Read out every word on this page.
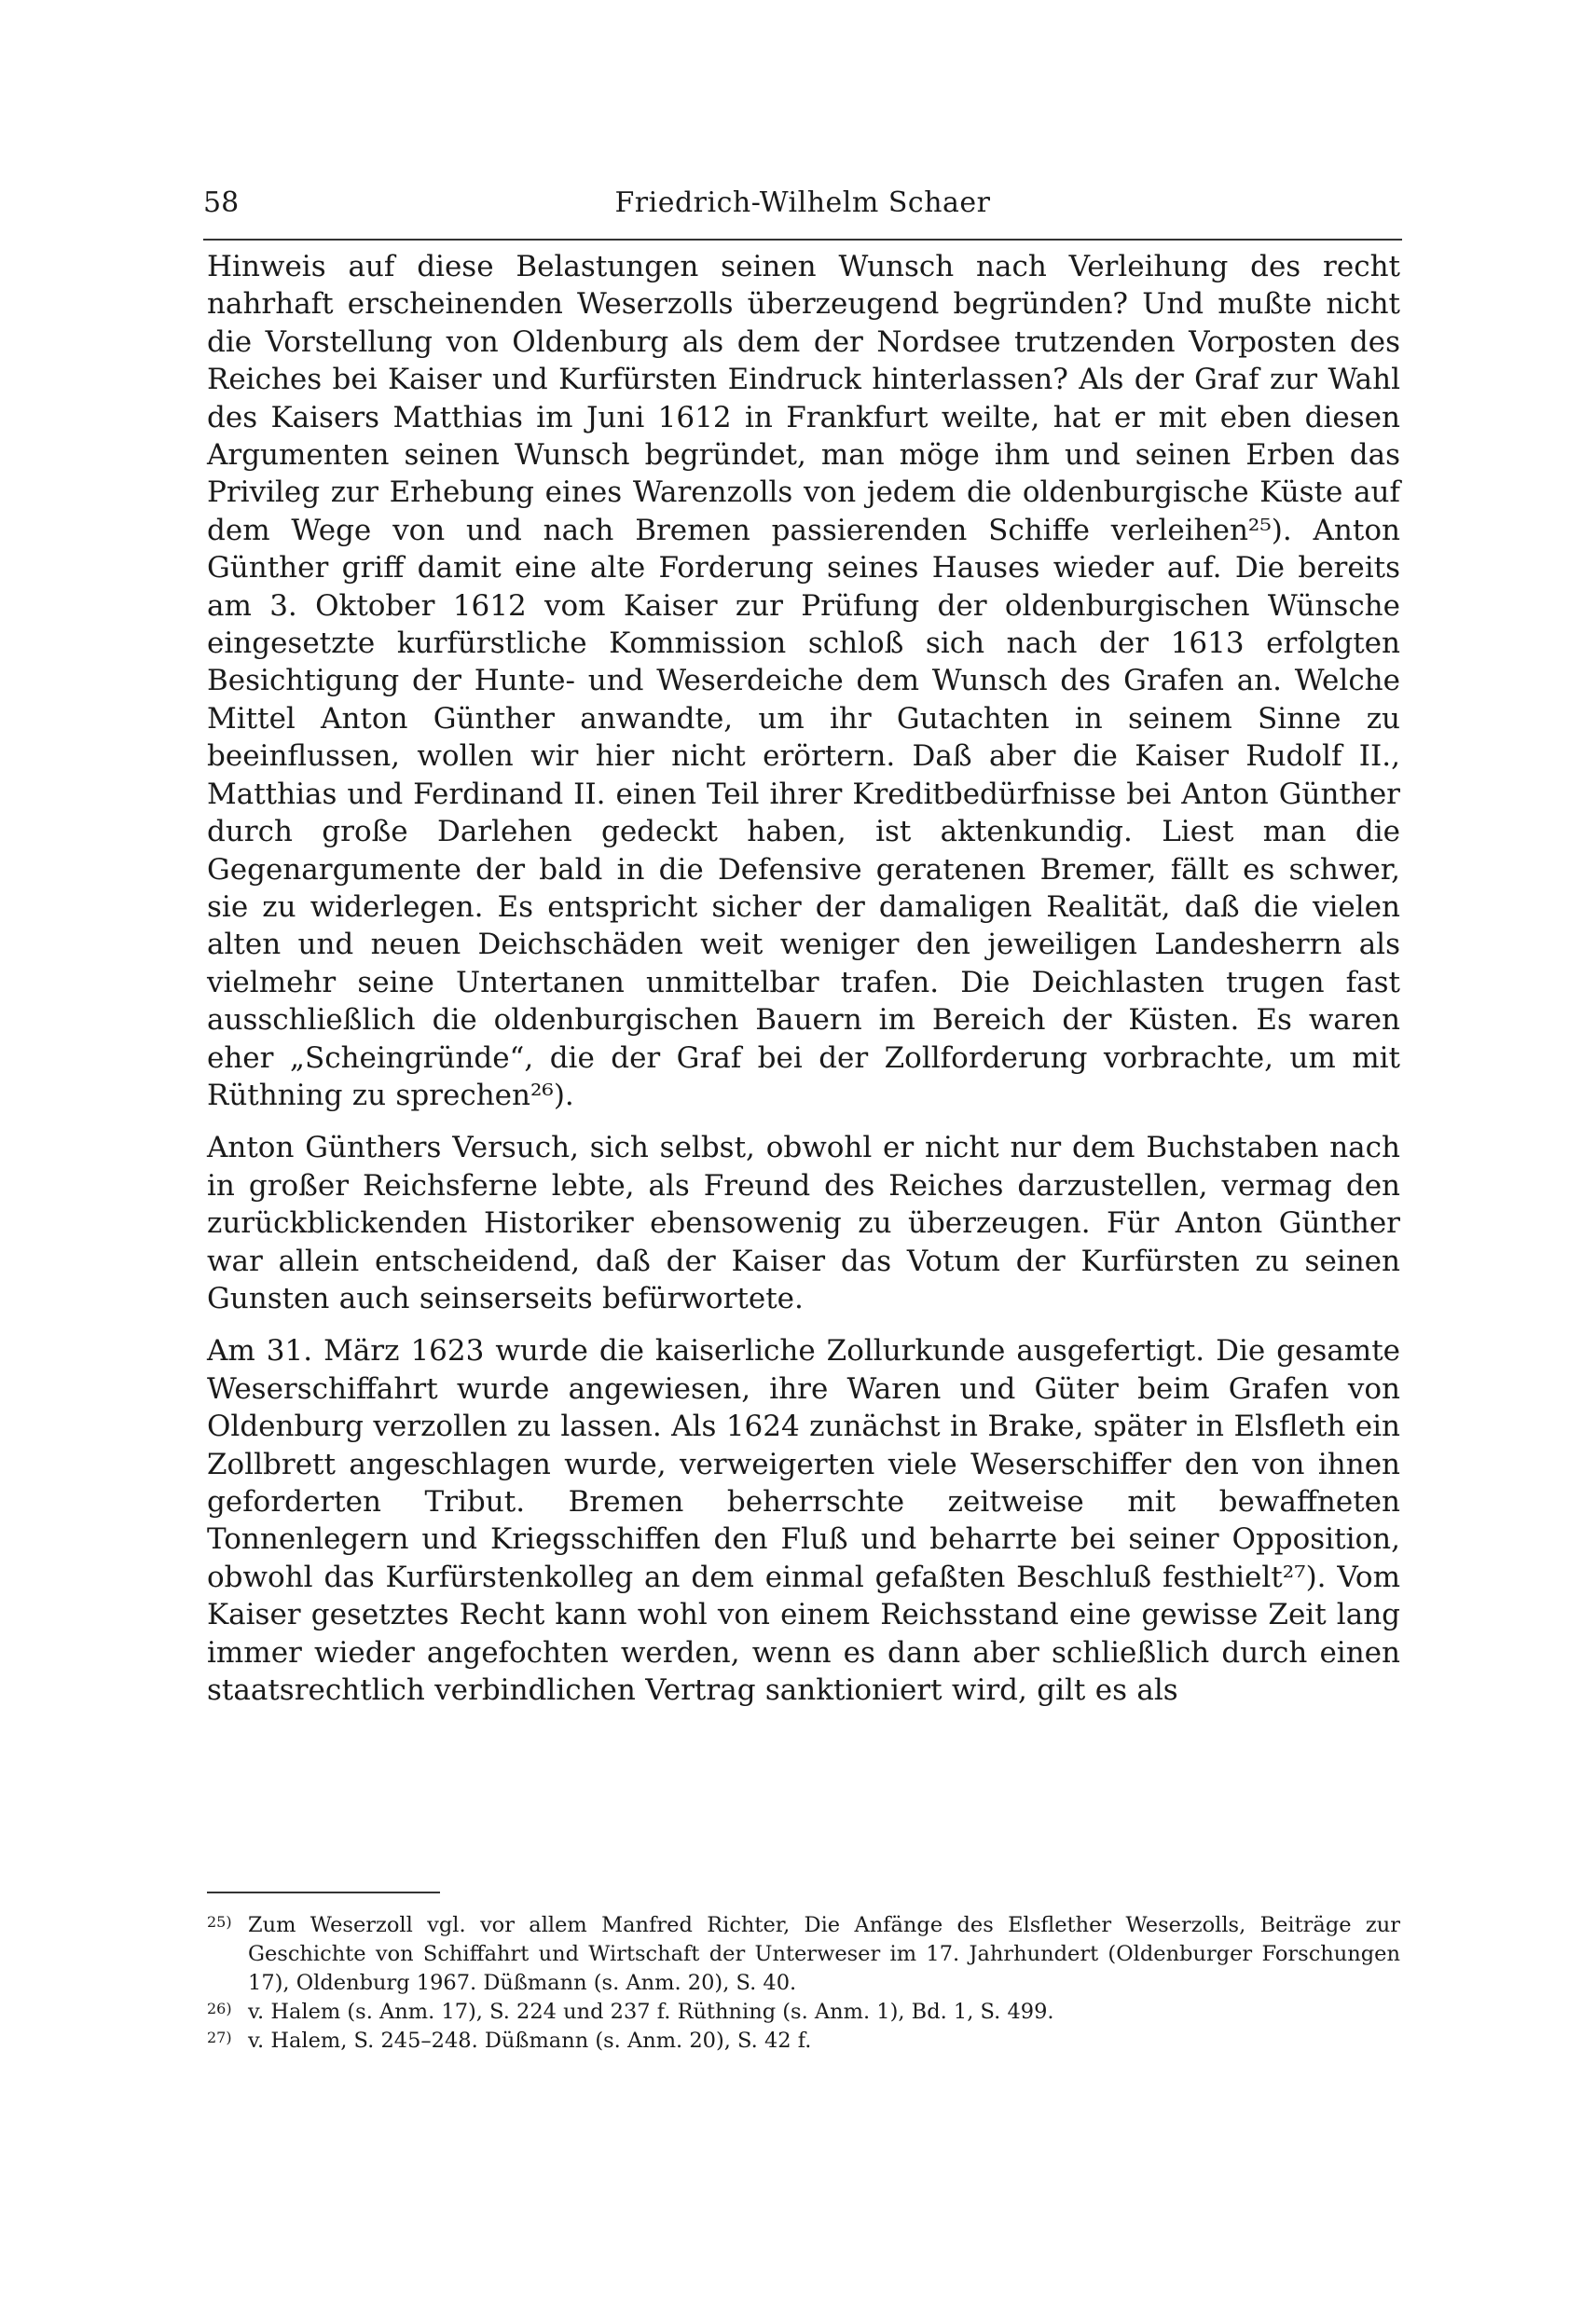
58	Friedrich-Wilhelm Schaer

Hinweis auf diese Belastungen seinen Wunsch nach Verleihung des recht nahrhaft erscheinenden Weserzolls überzeugend begründen? Und mußte nicht die Vorstellung von Oldenburg als dem der Nordsee trutzenden Vorposten des Reiches bei Kaiser und Kurfürsten Eindruck hinterlassen? Als der Graf zur Wahl des Kaisers Matthias im Juni 1612 in Frankfurt weilte, hat er mit eben diesen Argumenten seinen Wunsch begründet, man möge ihm und seinen Erben das Privileg zur Erhebung eines Warenzolls von jedem die oldenburgische Küste auf dem Wege von und nach Bremen passierenden Schiffe verleihen²⁵). Anton Günther griff damit eine alte Forderung seines Hauses wieder auf. Die bereits am 3. Oktober 1612 vom Kaiser zur Prüfung der oldenburgischen Wünsche eingesetzte kurfürstliche Kommission schloß sich nach der 1613 erfolgten Besichtigung der Hunte- und Weserdeiche dem Wunsch des Grafen an. Welche Mittel Anton Günther anwandte, um ihr Gutachten in seinem Sinne zu beeinflussen, wollen wir hier nicht erörtern. Daß aber die Kaiser Rudolf II., Matthias und Ferdinand II. einen Teil ihrer Kreditbedürfnisse bei Anton Günther durch große Darlehen gedeckt haben, ist aktenkundig. Liest man die Gegenargumente der bald in die Defensive geratenen Bremer, fällt es schwer, sie zu widerlegen. Es entspricht sicher der damaligen Realität, daß die vielen alten und neuen Deichschäden weit weniger den jeweiligen Landesherrn als vielmehr seine Untertanen unmittelbar trafen. Die Deichlasten trugen fast ausschließlich die oldenburgischen Bauern im Bereich der Küsten. Es waren eher „Scheingründe“, die der Graf bei der Zollforderung vorbrachte, um mit Rüthning zu sprechen²⁶).

Anton Günthers Versuch, sich selbst, obwohl er nicht nur dem Buchstaben nach in großer Reichsferne lebte, als Freund des Reiches darzustellen, vermag den zurückblickenden Historiker ebensowenig zu überzeugen. Für Anton Günther war allein entscheidend, daß der Kaiser das Votum der Kurfürsten zu seinen Gunsten auch seinserseits befürwortete.

Am 31. März 1623 wurde die kaiserliche Zollurkunde ausgefertigt. Die gesamte Weserschiffahrt wurde angewiesen, ihre Waren und Güter beim Grafen von Oldenburg verzollen zu lassen. Als 1624 zunächst in Brake, später in Elsfleth ein Zollbrett angeschlagen wurde, verweigerten viele Weserschiffer den von ihnen geforderten Tribut. Bremen beherrschte zeitweise mit bewaffneten Tonnenlegern und Kriegsschiffen den Fluß und beharrte bei seiner Opposition, obwohl das Kurfürstenkolleg an dem einmal gefaßten Beschluß festhielt²⁷). Vom Kaiser gesetztes Recht kann wohl von einem Reichsstand eine gewisse Zeit lang immer wieder angefochten werden, wenn es dann aber schließlich durch einen staatsrechtlich verbindlichen Vertrag sanktioniert wird, gilt es als

25) Zum Weserzoll vgl. vor allem Manfred Richter, Die Anfänge des Elsflether Weserzolls, Beiträge zur Geschichte von Schiffahrt und Wirtschaft der Unterweser im 17. Jahrhundert (Oldenburger Forschungen 17), Oldenburg 1967. Düßmann (s. Anm. 20), S. 40.
26) v. Halem (s. Anm. 17), S. 224 und 237 f. Rüthning (s. Anm. 1), Bd. 1, S. 499.
27) v. Halem, S. 245–248. Düßmann (s. Anm. 20), S. 42 f.
